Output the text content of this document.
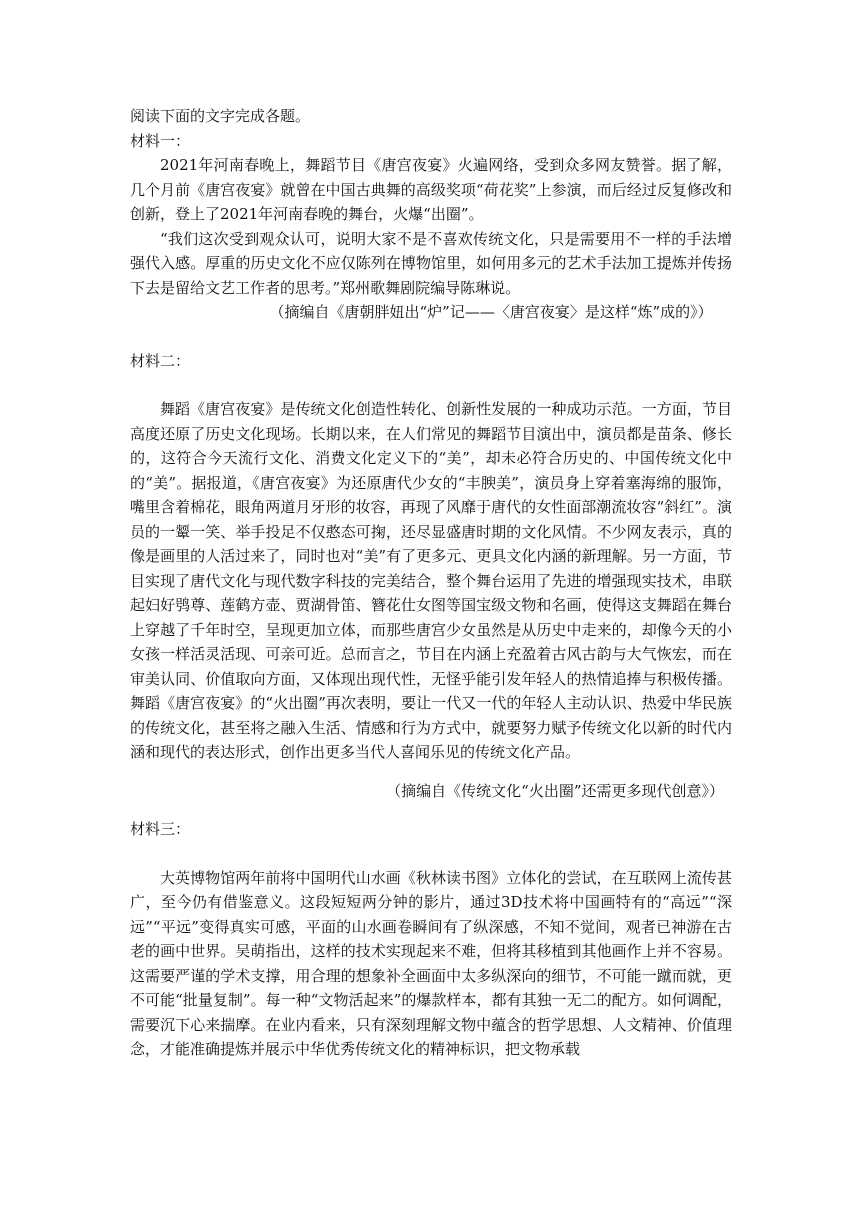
阅读下面的文字完成各题。
材料一：

2021年河南春晚上，舞蹈节目《唐宫夜宴》火遍网络，受到众多网友赞誉。据了解，几个月前《唐宫夜宴》就曾在中国古典舞的高级奖项“荷花奖”上参演，而后经过反复修改和创新，登上了2021年河南春晚的舞台，火爆“出圈”。

“我们这次受到观众认可，说明大家不是不喜欢传统文化，只是需要用不一样的手法增强代入感。厚重的历史文化不应仅陈列在博物馆里，如何用多元的艺术手法加工提炼并传扬下去是留给文艺工作者的思考。”郑州歌舞剧院编导陈琳说。

（摘编自《唐朝胖妞出“炉”记——〈唐宫夜宴〉是这样“炼”成的》）

材料二：

舞蹈《唐宫夜宴》是传统文化创造性转化、创新性发展的一种成功示范。一方面，节目高度还原了历史文化现场。长期以来，在人们常见的舞蹈节目演出中，演员都是苗条、修长的，这符合今天流行文化、消费文化定义下的“美”，却未必符合历史的、中国传统文化中的“美”。据报道，《唐宫夜宴》为还原唐代少女的“丰腴美”，演员身上穿着塞海绵的服饰，嘴里含着棉花，眼角两道月牙形的妆容，再现了风靡于唐代的女性面部潮流妆容“斜红”。演员的一颦一笑、举手投足不仅憨态可掬，还尽显盛唐时期的文化风情。不少网友表示，真的像是画里的人活过来了，同时也对“美”有了更多元、更具文化内涵的新理解。另一方面，节目实现了唐代文化与现代数字科技的完美结合，整个舞台运用了先进的增强现实技术，串联起妇好鸮尊、莲鹤方壶、贾湖骨笛、簪花仕女图等国宝级文物和名画，使得这支舞蹈在舞台上穿越了千年时空，呈现更加立体，而那些唐宫少女虽然是从历史中走来的，却像今天的小女孩一样活灵活现、可亲可近。总而言之，节目在内涵上充盈着古风古韵与大气恢宏，而在审美认同、价值取向方面，又体现出现代性，无怪乎能引发年轻人的热情追捧与积极传播。舞蹈《唐宫夜宴》的“火出圈”再次表明，要让一代又一代的年轻人主动认识、热爱中华民族的传统文化，甚至将之融入生活、情感和行为方式中，就要努力赋予传统文化以新的时代内涵和现代的表达形式，创作出更多当代人喜闻乐见的传统文化产品。

（摘编自《传统文化“火出圈”还需更多现代创意》）
材料三：

大英博物馆两年前将中国明代山水画《秋林读书图》立体化的尝试，在互联网上流传甚广，至今仍有借鉴意义。这段短短两分钟的影片，通过3D技术将中国画特有的“高远”“深远”“平远”变得真实可感，平面的山水画卷瞬间有了纵深感，不知不觉间，观者已神游在古老的画中世界。吴萌指出，这样的技术实现起来不难，但将其移植到其他画作上并不容易。这需要严谨的学术支撑，用合理的想象补全画面中太多纵深向的细节，不可能一蹴而就，更不可能“批量复制”。每一种“文物活起来”的爆款样本，都有其独一无二的配方。如何调配，需要沉下心来揣摩。在业内看来，只有深刻理解文物中蕴含的哲学思想、人文精神、价值理念，才能准确提炼并展示中华优秀传统文化的精神标识，把文物承载
